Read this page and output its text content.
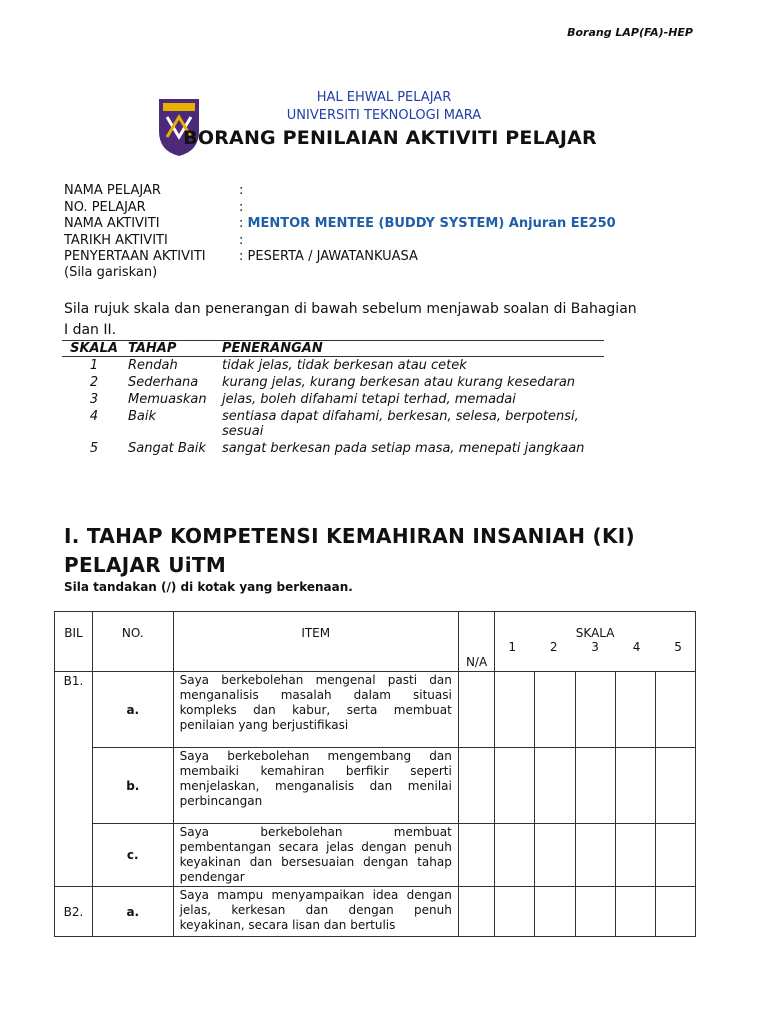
Borang LAP(FA)-HEP
HAL EHWAL PELAJAR
UNIVERSITI TEKNOLOGI MARA
BORANG PENILAIAN AKTIVITI PELAJAR
NAMA PELAJAR	:
NO. PELAJAR	:
NAMA AKTIVITI	: MENTOR MENTEE (BUDDY SYSTEM) Anjuran EE250
TARIKH AKTIVITI	:
PENYERTAAN AKTIVITI	: PESERTA / JAWATANKUASA
(Sila gariskan)
Sila rujuk skala dan penerangan di bawah sebelum menjawab soalan di Bahagian I dan II.
SKALA	TAHAP	PENERANGAN
1	Rendah	tidak jelas, tidak berkesan atau cetek
2	Sederhana	kurang jelas, kurang berkesan atau kurang kesedaran
3	Memuaskan	jelas, boleh difahami tetapi terhad, memadai
4	Baik	sentiasa dapat difahami, berkesan, selesa, berpotensi, sesuai
5	Sangat Baik	sangat berkesan pada setiap masa, menepati jangkaan
I. TAHAP KOMPETENSI KEMAHIRAN INSANIAH (KI) PELAJAR UiTM
Sila tandakan (/) di kotak yang berkenaan.
BIL	NO.	ITEM	N/A	SKALA
1 2 3 4 5				

B1.	a.	Saya berkebolehan mengenal pasti dan menganalisis masalah dalam situasi kompleks dan kabur, serta membuat penilaian yang berjustifikasi						
	b.	Saya berkebolehan mengembang dan membaiki kemahiran berfikir seperti menjelaskan, menganalisis dan menilai perbincangan						
	c.	Saya berkebolehan membuat pembentangan secara jelas dengan penuh keyakinan dan bersesuaian dengan tahap pendengar						
B2.	a.	Saya mampu menyampaikan idea dengan jelas, kerkesan dan dengan penuh keyakinan, secara lisan dan bertulis						
